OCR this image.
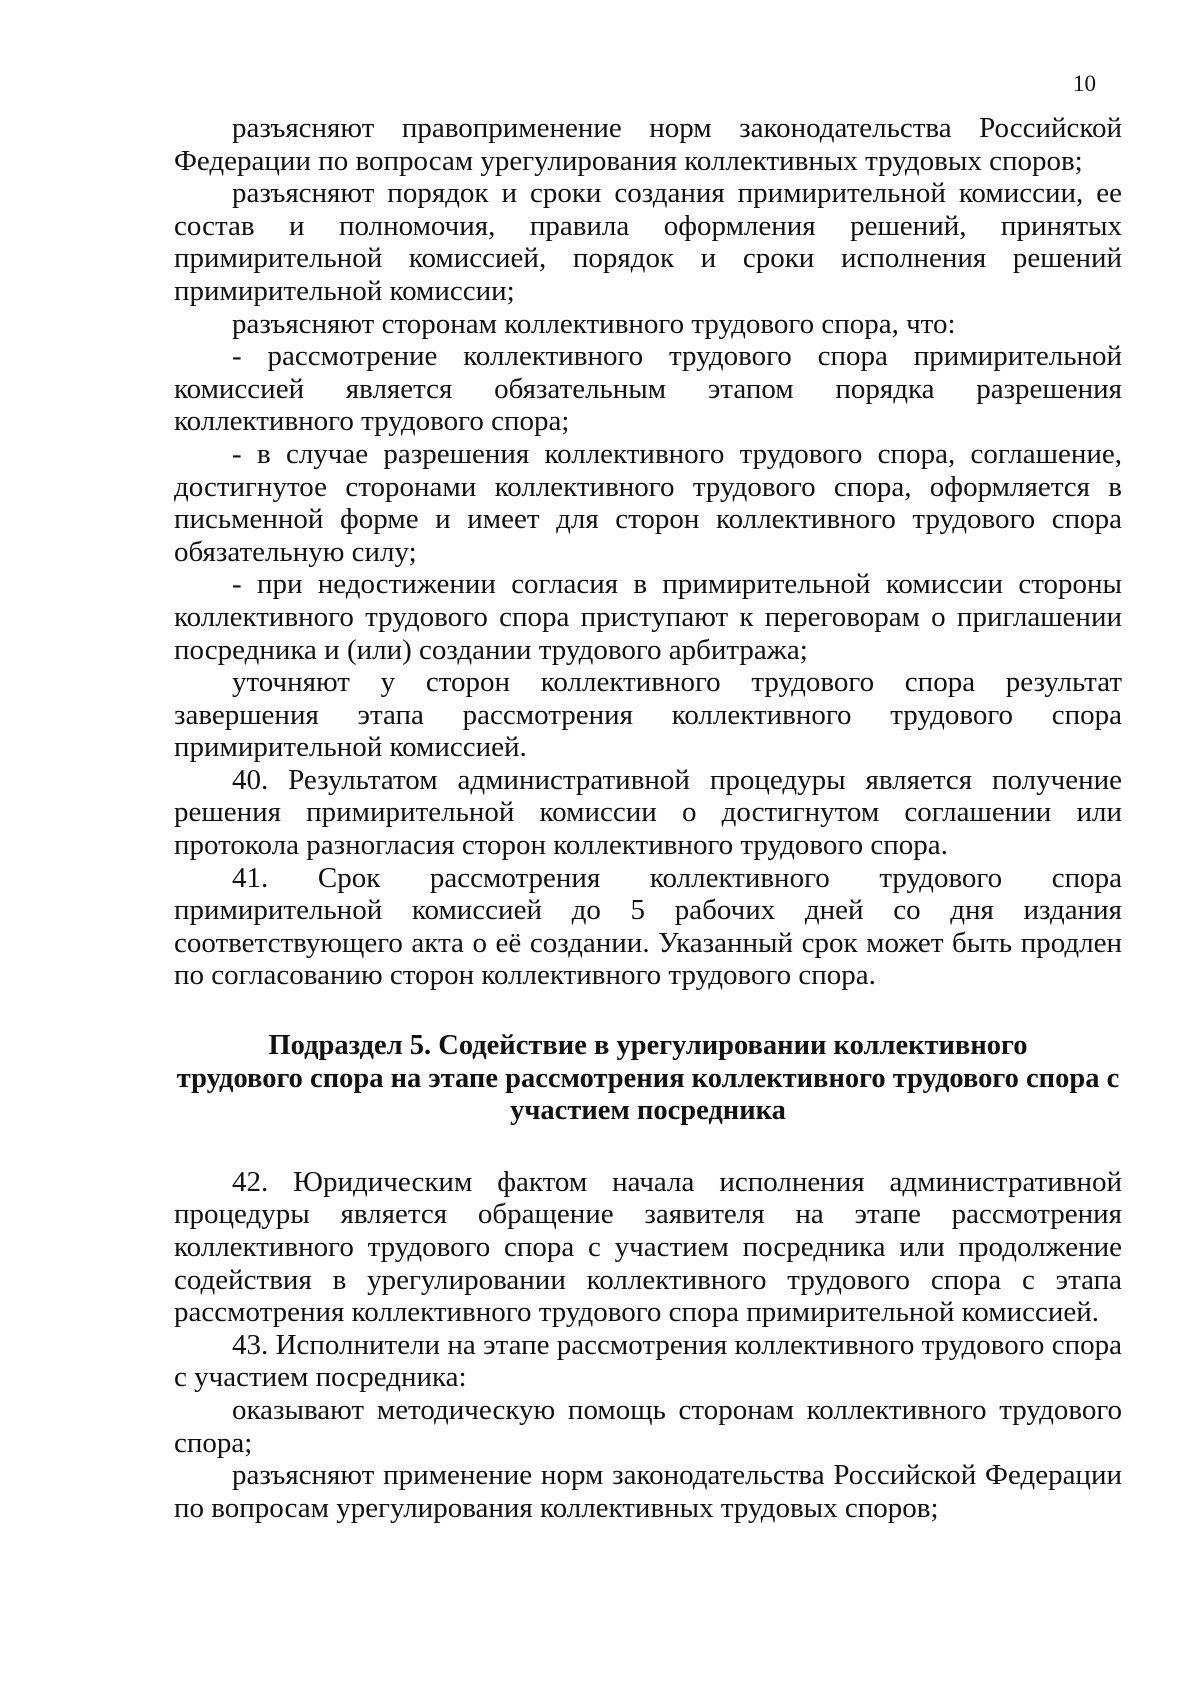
10

разъясняют правоприменение норм законодательства Российской Федерации по вопросам урегулирования коллективных трудовых споров;

разъясняют порядок и сроки создания примирительной комиссии, ее состав и полномочия, правила оформления решений, принятых примирительной комиссией, порядок и сроки исполнения решений примирительной комиссии;

разъясняют сторонам коллективного трудового спора, что:

- рассмотрение коллективного трудового спора примирительной комиссией является обязательным этапом порядка разрешения коллективного трудового спора;

- в случае разрешения коллективного трудового спора, соглашение, достигнутое сторонами коллективного трудового спора, оформляется в письменной форме и имеет для сторон коллективного трудового спора обязательную силу;

- при недостижении согласия в примирительной комиссии стороны коллективного трудового спора приступают к переговорам о приглашении посредника и (или) создании трудового арбитража;

уточняют у сторон коллективного трудового спора результат завершения этапа рассмотрения коллективного трудового спора примирительной комиссией.

40. Результатом административной процедуры является получение решения примирительной комиссии о достигнутом соглашении или протокола разногласия сторон коллективного трудового спора.

41. Срок рассмотрения коллективного трудового спора примирительной комиссией до 5 рабочих дней со дня издания соответствующего акта о её создании. Указанный срок может быть продлен по согласованию сторон коллективного трудового спора.

Подраздел 5. Содействие в урегулировании коллективного
трудового спора на этапе рассмотрения коллективного трудового спора с
участием посредника

42. Юридическим фактом начала исполнения административной процедуры является обращение заявителя на этапе рассмотрения коллективного трудового спора с участием посредника или продолжение содействия в урегулировании коллективного трудового спора с этапа рассмотрения коллективного трудового спора примирительной комиссией.

43. Исполнители на этапе рассмотрения коллективного трудового спора с участием посредника:

оказывают методическую помощь сторонам коллективного трудового спора;

разъясняют применение норм законодательства Российской Федерации по вопросам урегулирования коллективных трудовых споров;
